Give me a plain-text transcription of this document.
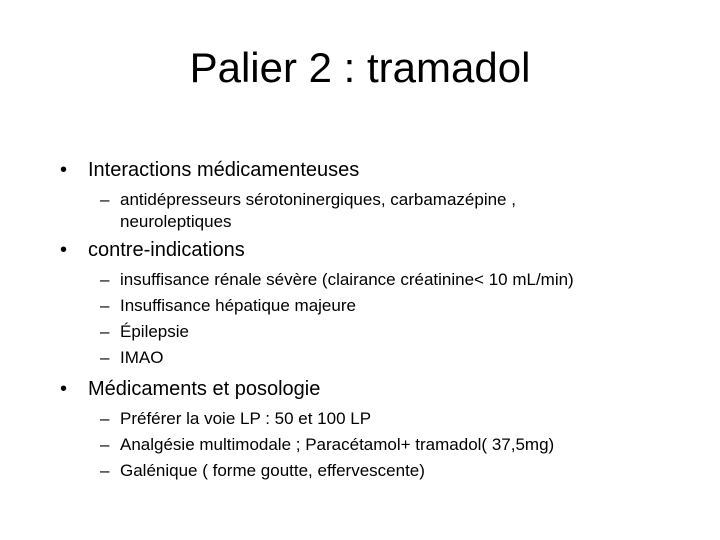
Palier 2 : tramadol
•	Interactions médicamenteuses
– antidépresseurs sérotoninergiques, carbamazépine , neuroleptiques
•	contre-indications
– insuffisance rénale sévère (clairance créatinine< 10 mL/min)
– Insuffisance hépatique majeure
– Épilepsie
– IMAO
•	Médicaments et posologie
– Préférer la voie LP : 50 et 100 LP
– Analgésie multimodale ; Paracétamol+ tramadol( 37,5mg)
– Galénique ( forme goutte, effervescente)
